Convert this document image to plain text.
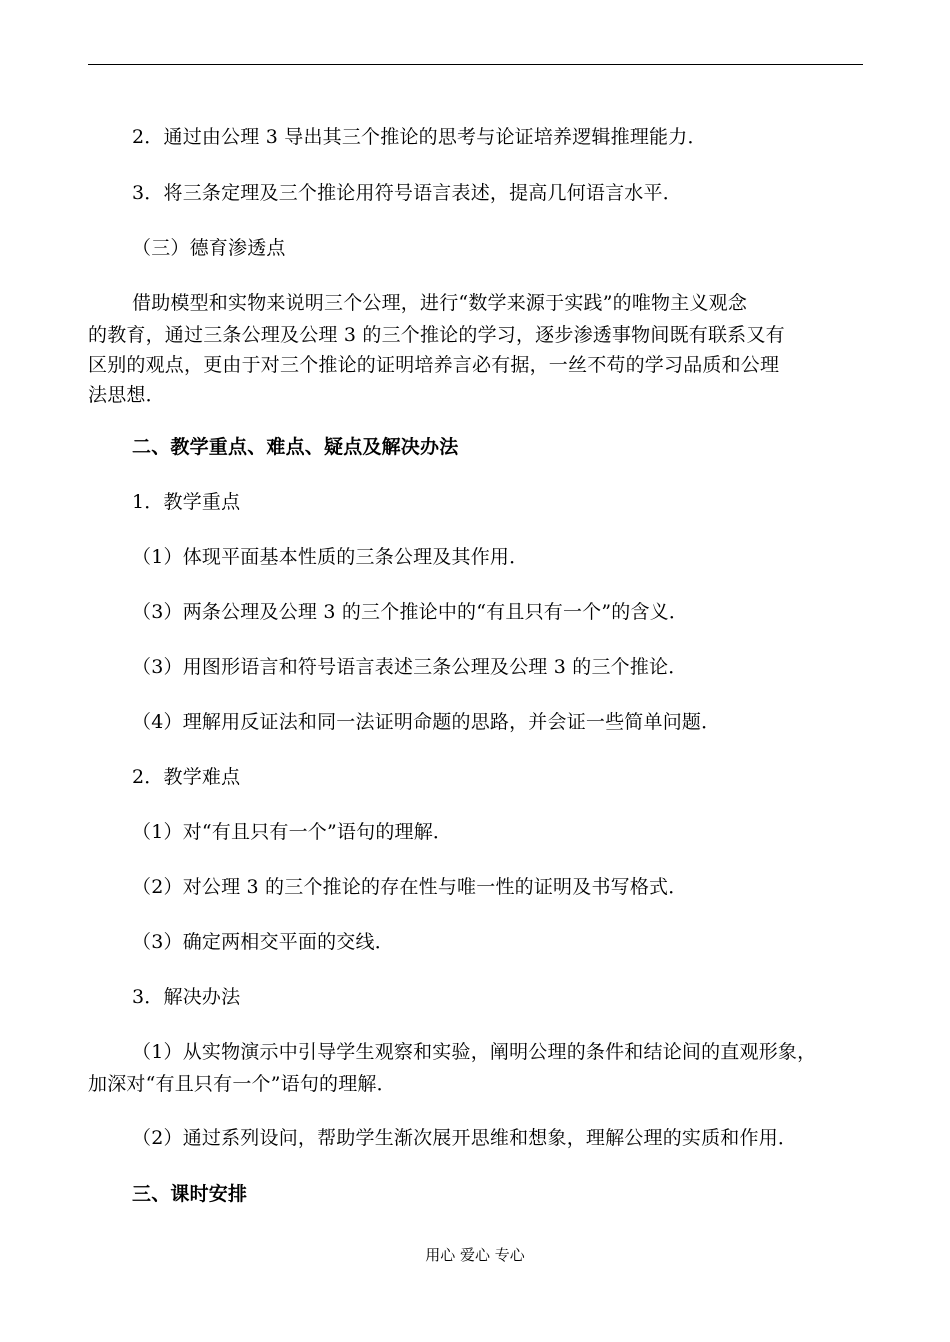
2．通过由公理 3 导出其三个推论的思考与论证培养逻辑推理能力．
3．将三条定理及三个推论用符号语言表述，提高几何语言水平．
（三）德育渗透点
借助模型和实物来说明三个公理，进行“数学来源于实践”的唯物主义观念
的教育，通过三条公理及公理 3 的三个推论的学习，逐步渗透事物间既有联系又有
区别的观点，更由于对三个推论的证明培养言必有据，一丝不苟的学习品质和公理
法思想．
二、教学重点、难点、疑点及解决办法
1．教学重点
（1）体现平面基本性质的三条公理及其作用．
（3）两条公理及公理 3 的三个推论中的“有且只有一个”的含义．
（3）用图形语言和符号语言表述三条公理及公理 3 的三个推论．
（4）理解用反证法和同一法证明命题的思路，并会证一些简单问题．
2．教学难点
（1）对“有且只有一个”语句的理解．
（2）对公理 3 的三个推论的存在性与唯一性的证明及书写格式．
（3）确定两相交平面的交线．
3．解决办法
（1）从实物演示中引导学生观察和实验，阐明公理的条件和结论间的直观形象，
加深对“有且只有一个”语句的理解．
（2）通过系列设问，帮助学生渐次展开思维和想象，理解公理的实质和作用．
三、课时安排
用心 爱心 专心
